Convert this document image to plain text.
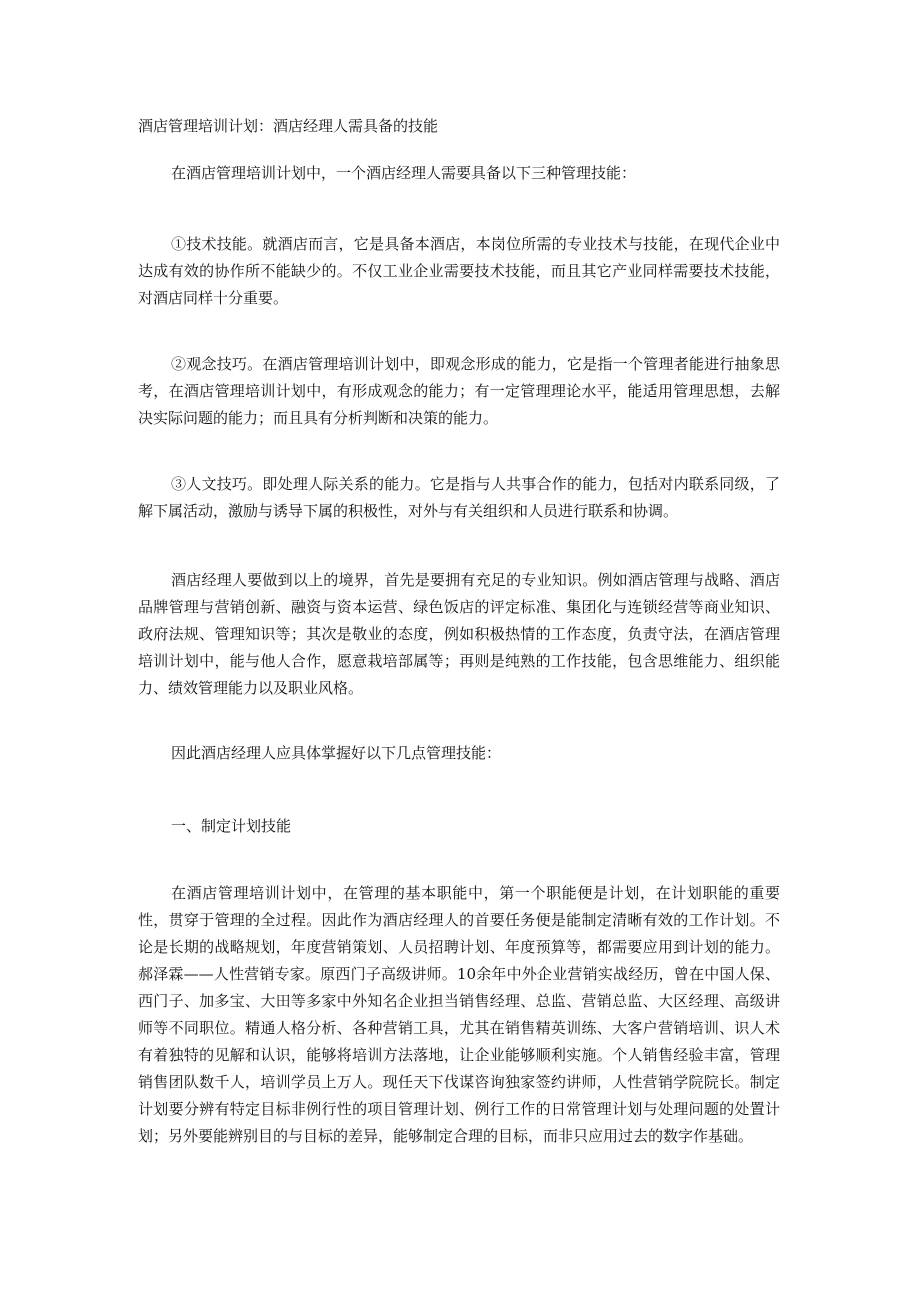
酒店管理培训计划：酒店经理人需具备的技能

在酒店管理培训计划中，一个酒店经理人需要具备以下三种管理技能：

①技术技能。就酒店而言，它是具备本酒店，本岗位所需的专业技术与技能，在现代企业中达成有效的协作所不能缺少的。不仅工业企业需要技术技能，而且其它产业同样需要技术技能，对酒店同样十分重要。

②观念技巧。在酒店管理培训计划中，即观念形成的能力，它是指一个管理者能进行抽象思考，在酒店管理培训计划中，有形成观念的能力；有一定管理理论水平，能适用管理思想，去解决实际问题的能力；而且具有分析判断和决策的能力。

③人文技巧。即处理人际关系的能力。它是指与人共事合作的能力，包括对内联系同级，了解下属活动，激励与诱导下属的积极性，对外与有关组织和人员进行联系和协调。

酒店经理人要做到以上的境界，首先是要拥有充足的专业知识。例如酒店管理与战略、酒店品牌管理与营销创新、融资与资本运营、绿色饭店的评定标准、集团化与连锁经营等商业知识、政府法规、管理知识等；其次是敬业的态度，例如积极热情的工作态度，负责守法，在酒店管理培训计划中，能与他人合作，愿意栽培部属等；再则是纯熟的工作技能，包含思维能力、组织能力、绩效管理能力以及职业风格。

因此酒店经理人应具体掌握好以下几点管理技能：

一、制定计划技能

在酒店管理培训计划中，在管理的基本职能中，第一个职能便是计划，在计划职能的重要性，贯穿于管理的全过程。因此作为酒店经理人的首要任务便是能制定清晰有效的工作计划。不论是长期的战略规划，年度营销策划、人员招聘计划、年度预算等，都需要应用到计划的能力。郝泽霖——人性营销专家。原西门子高级讲师。10余年中外企业营销实战经历，曾在中国人保、西门子、加多宝、大田等多家中外知名企业担当销售经理、总监、营销总监、大区经理、高级讲师等不同职位。精通人格分析、各种营销工具，尤其在销售精英训练、大客户营销培训、识人术有着独特的见解和认识，能够将培训方法落地，让企业能够顺利实施。个人销售经验丰富，管理销售团队数千人，培训学员上万人。现任天下伐谋咨询独家签约讲师，人性营销学院院长。制定计划要分辨有特定目标非例行性的项目管理计划、例行工作的日常管理计划与处理问题的处置计划；另外要能辨别目的与目标的差异，能够制定合理的目标，而非只应用过去的数字作基础。
